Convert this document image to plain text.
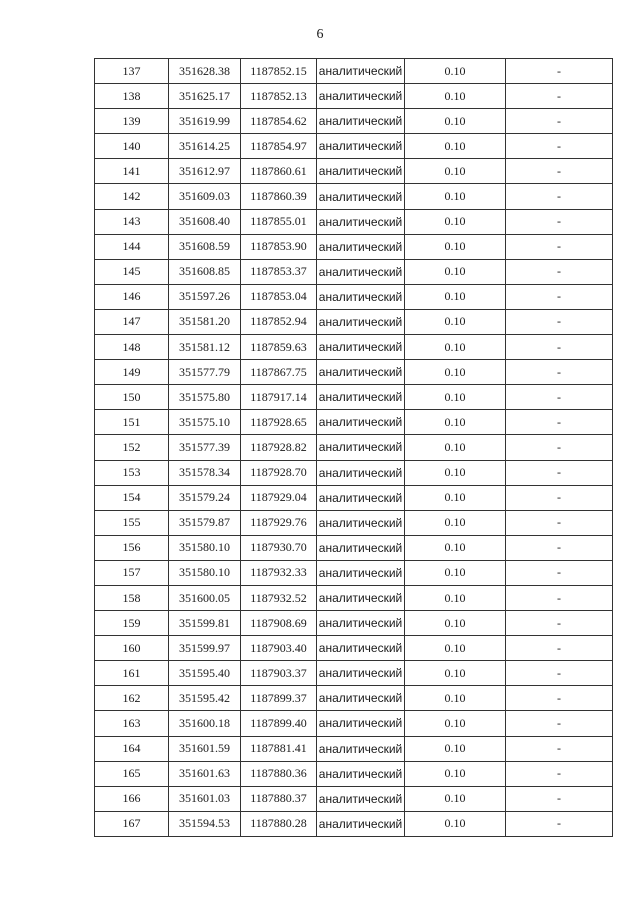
6
137	351628.38	1187852.15	аналитический	0.10	-
138	351625.17	1187852.13	аналитический	0.10	-
139	351619.99	1187854.62	аналитический	0.10	-
140	351614.25	1187854.97	аналитический	0.10	-
141	351612.97	1187860.61	аналитический	0.10	-
142	351609.03	1187860.39	аналитический	0.10	-
143	351608.40	1187855.01	аналитический	0.10	-
144	351608.59	1187853.90	аналитический	0.10	-
145	351608.85	1187853.37	аналитический	0.10	-
146	351597.26	1187853.04	аналитический	0.10	-
147	351581.20	1187852.94	аналитический	0.10	-
148	351581.12	1187859.63	аналитический	0.10	-
149	351577.79	1187867.75	аналитический	0.10	-
150	351575.80	1187917.14	аналитический	0.10	-
151	351575.10	1187928.65	аналитический	0.10	-
152	351577.39	1187928.82	аналитический	0.10	-
153	351578.34	1187928.70	аналитический	0.10	-
154	351579.24	1187929.04	аналитический	0.10	-
155	351579.87	1187929.76	аналитический	0.10	-
156	351580.10	1187930.70	аналитический	0.10	-
157	351580.10	1187932.33	аналитический	0.10	-
158	351600.05	1187932.52	аналитический	0.10	-
159	351599.81	1187908.69	аналитический	0.10	-
160	351599.97	1187903.40	аналитический	0.10	-
161	351595.40	1187903.37	аналитический	0.10	-
162	351595.42	1187899.37	аналитический	0.10	-
163	351600.18	1187899.40	аналитический	0.10	-
164	351601.59	1187881.41	аналитический	0.10	-
165	351601.63	1187880.36	аналитический	0.10	-
166	351601.03	1187880.37	аналитический	0.10	-
167	351594.53	1187880.28	аналитический	0.10	-
